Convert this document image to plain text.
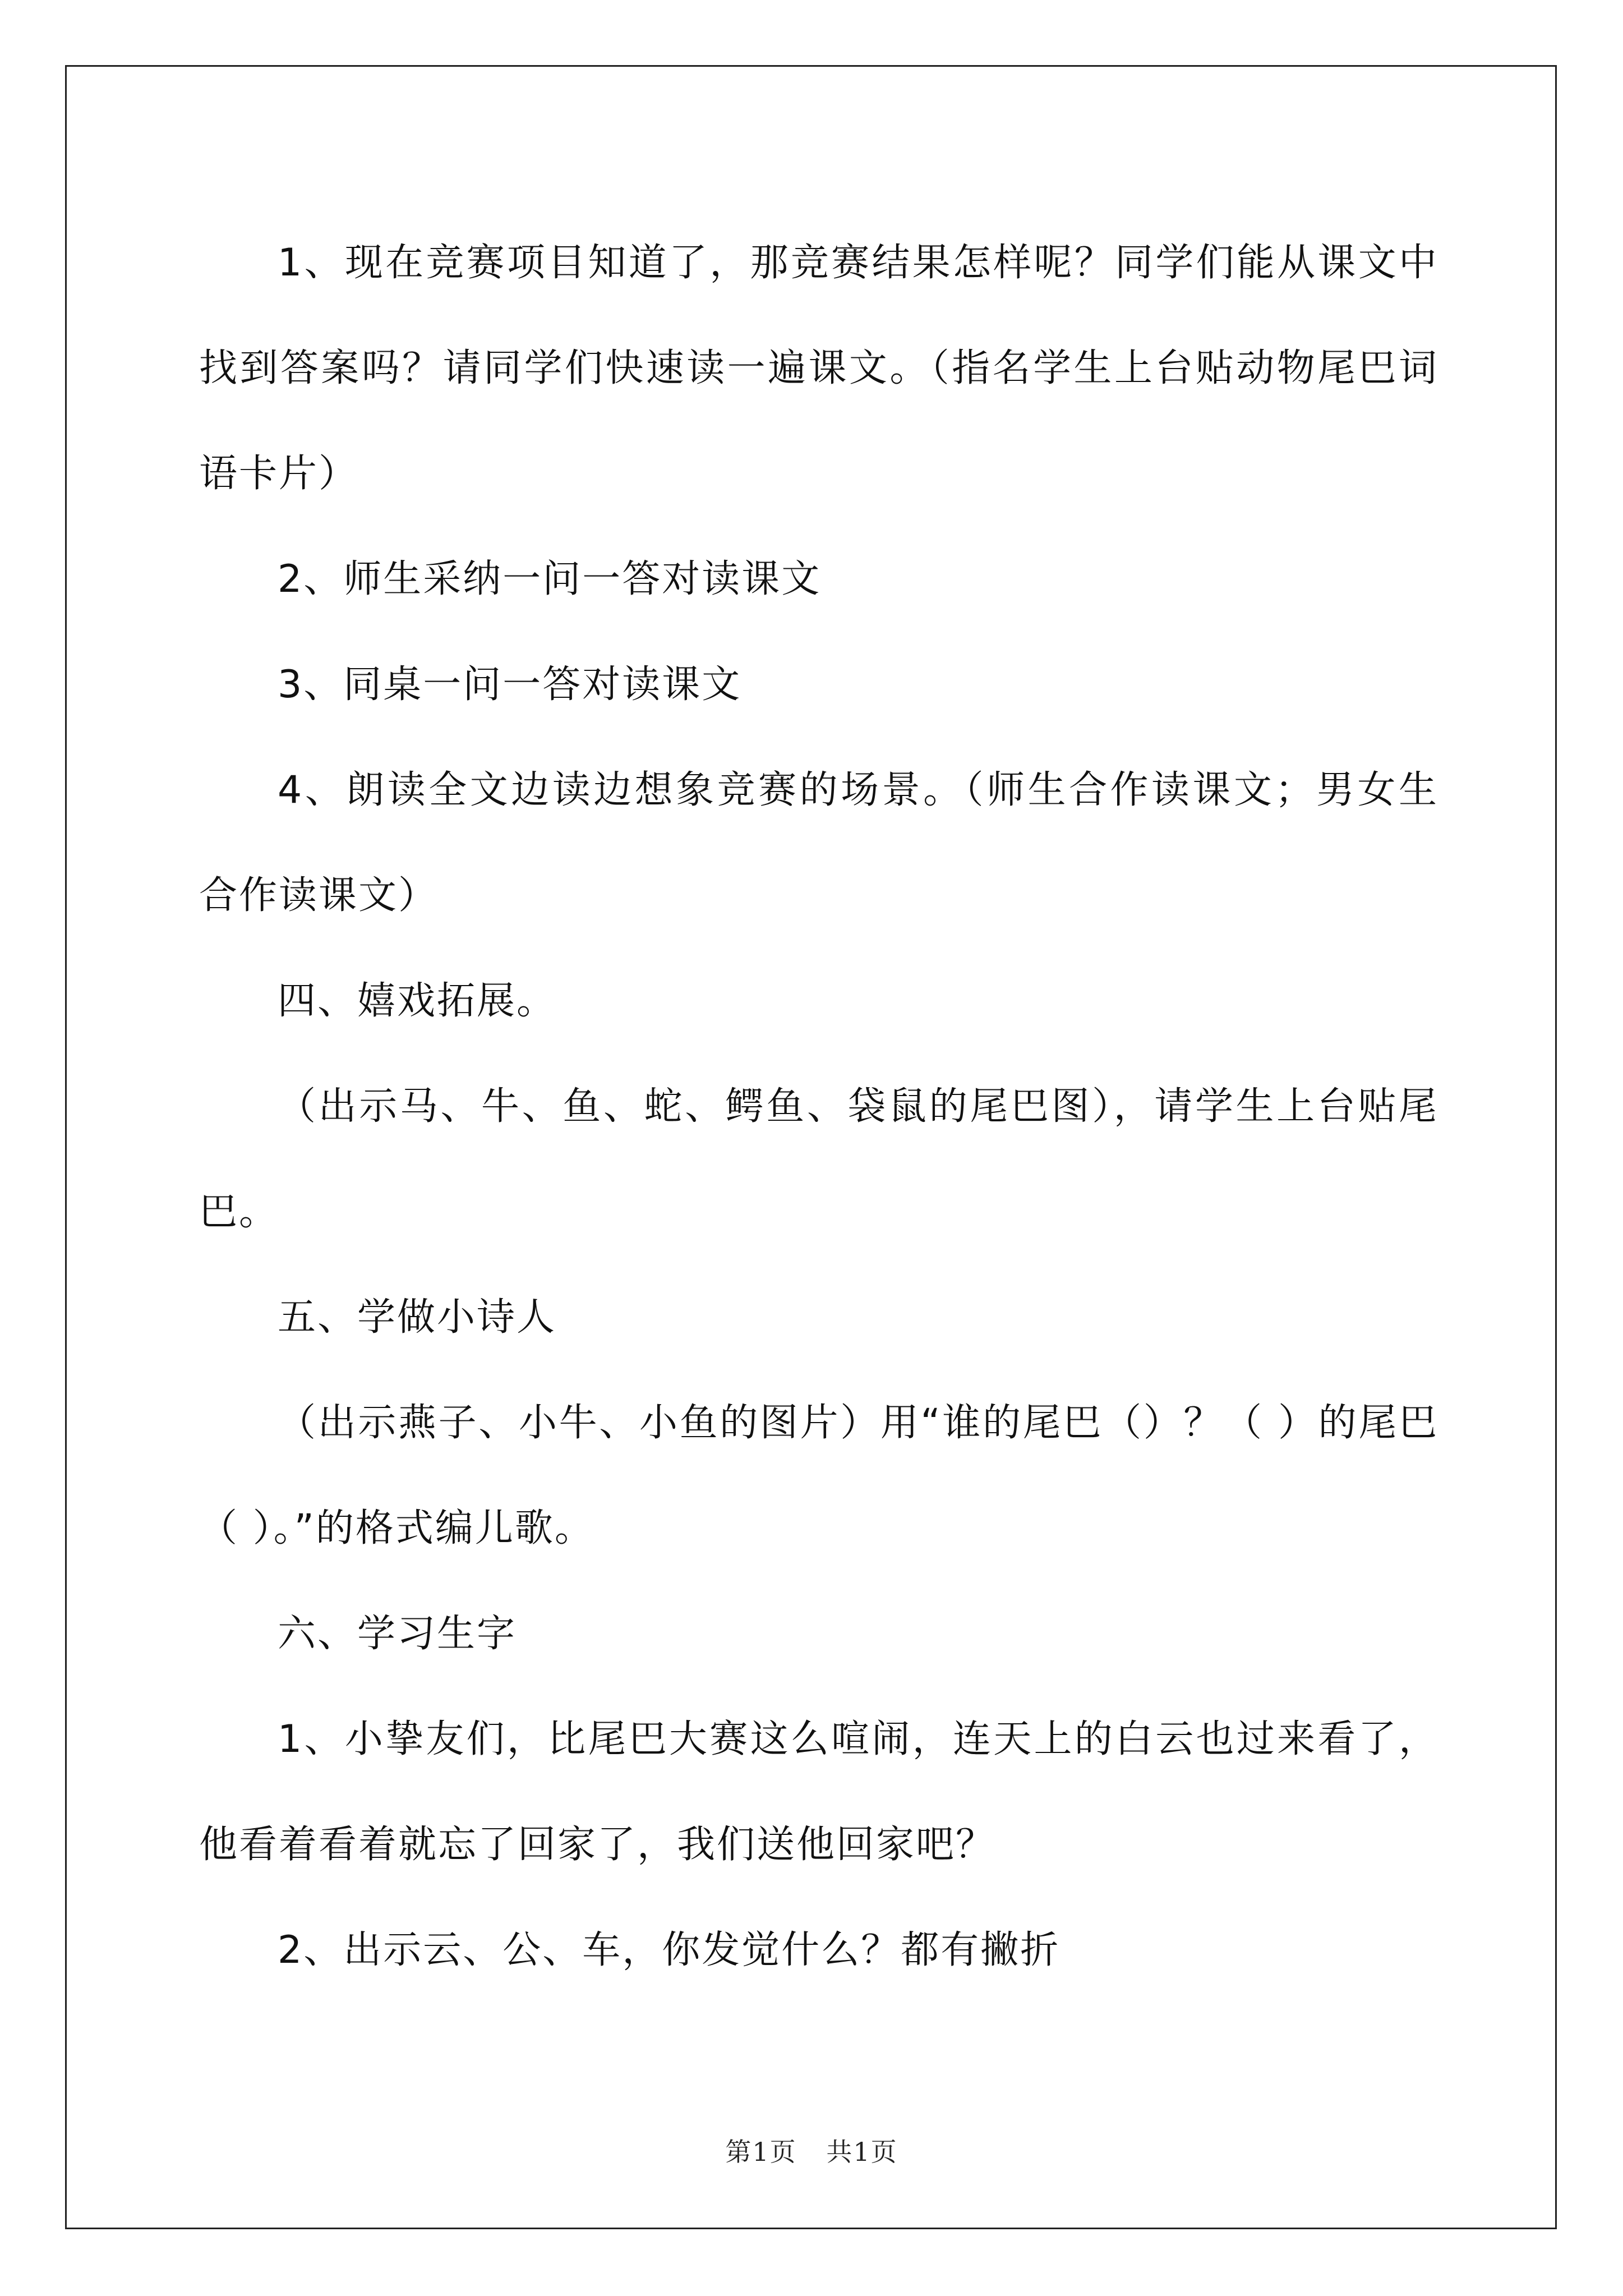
1、现在竞赛项目知道了，那竞赛结果怎样呢？同学们能从课文中找到答案吗？请同学们快速读一遍课文。（指名学生上台贴动物尾巴词语卡片）

2、师生采纳一问一答对读课文

3、同桌一问一答对读课文

4、朗读全文边读边想象竞赛的场景。（师生合作读课文；男女生合作读课文）

四、嬉戏拓展。

（出示马、牛、鱼、蛇、鳄鱼、袋鼠的尾巴图），请学生上台贴尾巴。

五、学做小诗人

（出示燕子、小牛、小鱼的图片）用“谁的尾巴（）？（ ）的尾巴（ ）。”的格式编儿歌。

六、学习生字

1、小挚友们，比尾巴大赛这么喧闹，连天上的白云也过来看了，他看着看着就忘了回家了，我们送他回家吧？

2、出示云、公、车，你发觉什么？都有撇折

第1页 共1页
